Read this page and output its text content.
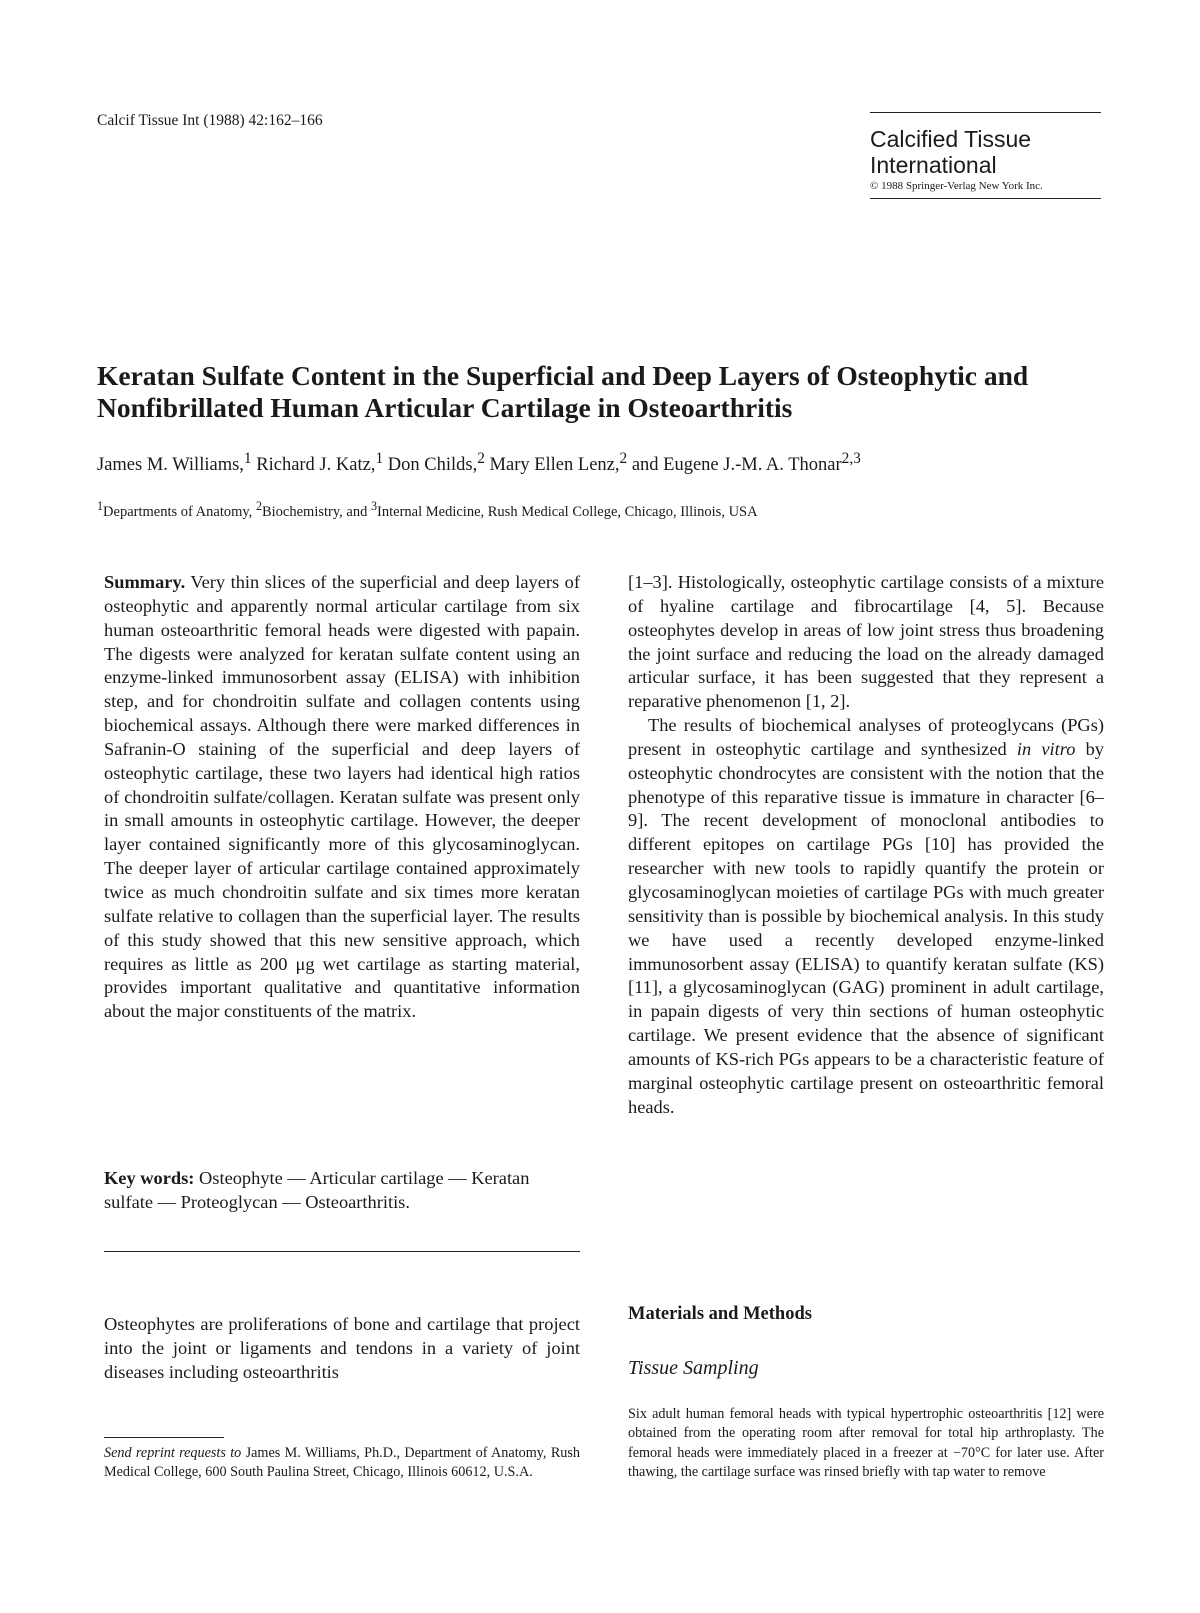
Calcif Tissue Int (1988) 42:162–166
Calcified Tissue
International
© 1988 Springer-Verlag New York Inc.
Keratan Sulfate Content in the Superficial and Deep Layers of Osteophytic and
Nonfibrillated Human Articular Cartilage in Osteoarthritis
James M. Williams,$^1$ Richard J. Katz,$^1$ Don Childs,$^2$ Mary Ellen Lenz,$^2$ and Eugene J.-M. A. Thonar$^{2,3}$
$^1$Departments of Anatomy, $^2$Biochemistry, and $^3$Internal Medicine, Rush Medical College, Chicago, Illinois, USA

Summary. Very thin slices of the superficial and deep layers of osteophytic and apparently normal articular cartilage from six human osteoarthritic femoral heads were digested with papain. The digests were analyzed for keratan sulfate content using an enzyme-linked immunosorbent assay (ELISA) with inhibition step, and for chondroitin sulfate and collagen contents using biochemical assays. Although there were marked differences in Safranin-O staining of the superficial and deep layers of osteophytic cartilage, these two layers had identical high ratios of chondroitin sulfate/collagen. Keratan sulfate was present only in small amounts in osteophytic cartilage. However, the deeper layer contained significantly more of this glycosaminoglycan. The deeper layer of articular cartilage contained approximately twice as much chondroitin sulfate and six times more keratan sulfate relative to collagen than the superficial layer. The results of this study showed that this new sensitive approach, which requires as little as 200 μg wet cartilage as starting material, provides important qualitative and quantitative information about the major constituents of the matrix.

Key words: Osteophyte — Articular cartilage — Keratan sulfate — Proteoglycan — Osteoarthritis.

Osteophytes are proliferations of bone and cartilage that project into the joint or ligaments and tendons in a variety of joint diseases including osteoarthritis

Send reprint requests to James M. Williams, Ph.D., Department of Anatomy, Rush Medical College, 600 South Paulina Street, Chicago, Illinois 60612, U.S.A.

[1–3]. Histologically, osteophytic cartilage consists of a mixture of hyaline cartilage and fibrocartilage [4, 5]. Because osteophytes develop in areas of low joint stress thus broadening the joint surface and reducing the load on the already damaged articular surface, it has been suggested that they represent a reparative phenomenon [1, 2].

The results of biochemical analyses of proteoglycans (PGs) present in osteophytic cartilage and synthesized in vitro by osteophytic chondrocytes are consistent with the notion that the phenotype of this reparative tissue is immature in character [6–9]. The recent development of monoclonal antibodies to different epitopes on cartilage PGs [10] has provided the researcher with new tools to rapidly quantify the protein or glycosaminoglycan moieties of cartilage PGs with much greater sensitivity than is possible by biochemical analysis. In this study we have used a recently developed enzyme-linked immunosorbent assay (ELISA) to quantify keratan sulfate (KS) [11], a glycosaminoglycan (GAG) prominent in adult cartilage, in papain digests of very thin sections of human osteophytic cartilage. We present evidence that the absence of significant amounts of KS-rich PGs appears to be a characteristic feature of marginal osteophytic cartilage present on osteoarthritic femoral heads.

Materials and Methods
Tissue Sampling
Six adult human femoral heads with typical hypertrophic osteoarthritis [12] were obtained from the operating room after removal for total hip arthroplasty. The femoral heads were immediately placed in a freezer at −70°C for later use. After thawing, the cartilage surface was rinsed briefly with tap water to remove
